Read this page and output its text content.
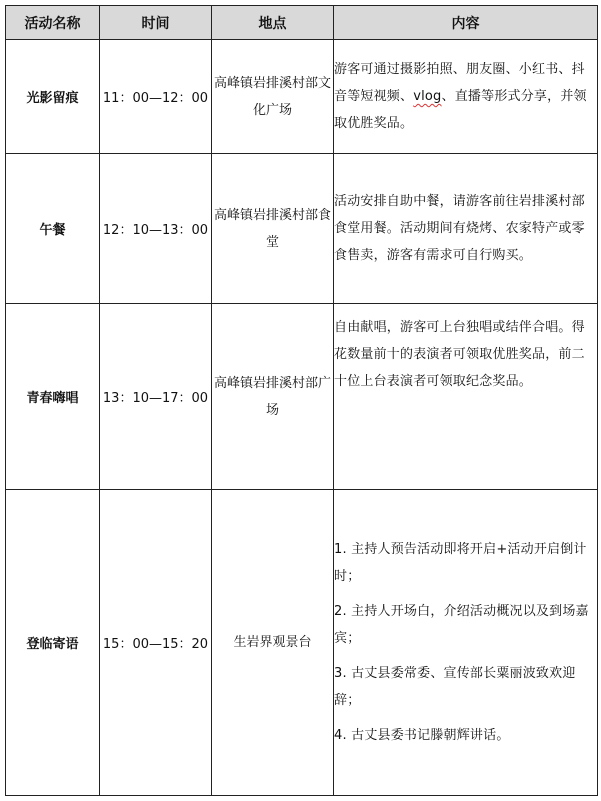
活动名称	时间	地点	内容
光影留痕	11：00—12：00	高峰镇岩排溪村部文化广场	游客可通过摄影拍照、朋友圈、小红书、抖音等短视频、vlog、直播等形式分享，并领取优胜奖品。
午餐	12：10—13：00	高峰镇岩排溪村部食堂	活动安排自助中餐，请游客前往岩排溪村部食堂用餐。活动期间有烧烤、农家特产或零食售卖，游客有需求可自行购买。
青春嗨唱	13：10—17：00	高峰镇岩排溪村部广场	自由献唱，游客可上台独唱或结伴合唱。得花数量前十的表演者可领取优胜奖品，前二十位上台表演者可领取纪念奖品。
登临寄语	15：00—15：20	生岩界观景台	1. 主持人预告活动即将开启+活动开启倒计时；
2. 主持人开场白，介绍活动概况以及到场嘉宾；
3. 古丈县委常委、宣传部长粟丽波致欢迎辞；
4. 古丈县委书记滕朝辉讲话。
